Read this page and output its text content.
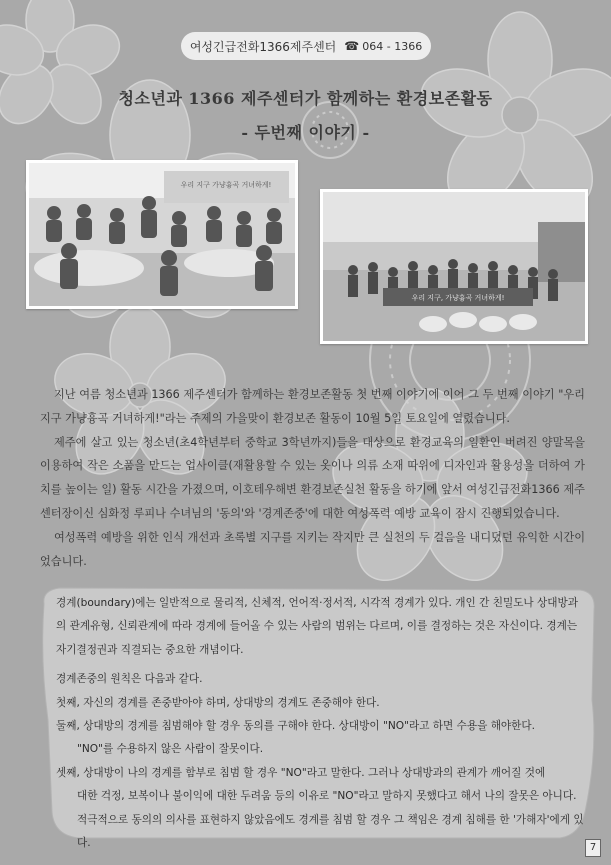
여성긴급전화1366제주센터 ☎ 064 - 1366
청소년과 1366 제주센터가 함께하는 환경보존활동
- 두번째 이야기 -
우리 지구 가냥흉곡 거녀하게!
우리 지구, 가냥흉곡 거녀하게!

지난 여름 청소년과 1366 제주센터가 함께하는 환경보존활동 첫 번째 이야기에 이어 그 두 번째 이야기 "우리지구 가냥흉곡 거녀하게!"라는 주제의 가을맞이 환경보존 활동이 10월 5일 토요일에 열렸습니다.

제주에 살고 있는 청소년(초4학년부터 중학교 3학년까지)들을 대상으로 환경교육의 일환인 버려진 양말목을 이용하여 작은 소품을 만드는 업사이클(재활용할 수 있는 옷이나 의류 소재 따위에 디자인과 활용성을 더하여 가치를 높이는 일) 활동 시간을 가졌으며, 이호테우해변 환경보존실천 활동을 하기에 앞서 여성긴급전화1366 제주센터장이신 심화정 루피나 수녀님의 '동의'와 '경계존중'에 대한 여성폭력 예방 교육이 잠시 진행되었습니다.

여성폭력 예방을 위한 인식 개선과 초록별 지구를 지키는 작지만 큰 실천의 두 걸음을 내디뎠던 유익한 시간이었습니다.

경계(boundary)에는 일반적으로 물리적, 신체적, 언어적·정서적, 시각적 경계가 있다. 개인 간 친밀도나 상대방과의 관계유형, 신뢰관계에 따라 경계에 들어올 수 있는 사람의 범위는 다르며, 이를 결정하는 것은 자신이다. 경계는 자기결정권과 직결되는 중요한 개념이다.

경계존중의 원칙은 다음과 같다.

첫째, 자신의 경계를 존중받아야 하며, 상대방의 경계도 존중해야 한다.

둘째, 상대방의 경계를 침범해야 할 경우 동의를 구해야 한다. 상대방이 "NO"라고 하면 수용을 해야한다.

"NO"를 수용하지 않은 사람이 잘못이다.

셋째, 상대방이 나의 경계를 함부로 침범 할 경우 "NO"라고 말한다. 그러나 상대방과의 관계가 깨어질 것에

대한 걱정, 보복이나 불이익에 대한 두려움 등의 이유로 "NO"라고 말하지 못했다고 해서 나의 잘못은 아니다. 적극적으로 동의의 의사를 표현하지 않았음에도 경계를 침범 할 경우 그 책임은 경계 침해를 한 '가해자'에게 있다.	7
